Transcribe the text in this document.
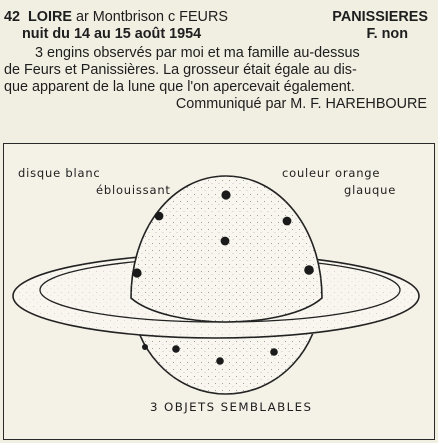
42 LOIRE ar Montbrison c FEURS	PANISSIERES
nuit du 14 au 15 août 1954	F. non
3 engins observés par moi et ma famille au-dessus
de Feurs et Panissières. La grosseur était égale au dis-
que apparent de la lune que l'on apercevait également.
Communiqué par M. F. HAREHBOURE
disque blanc
éblouissant
couleur orange
glauque
3 OBJETS SEMBLABLES
